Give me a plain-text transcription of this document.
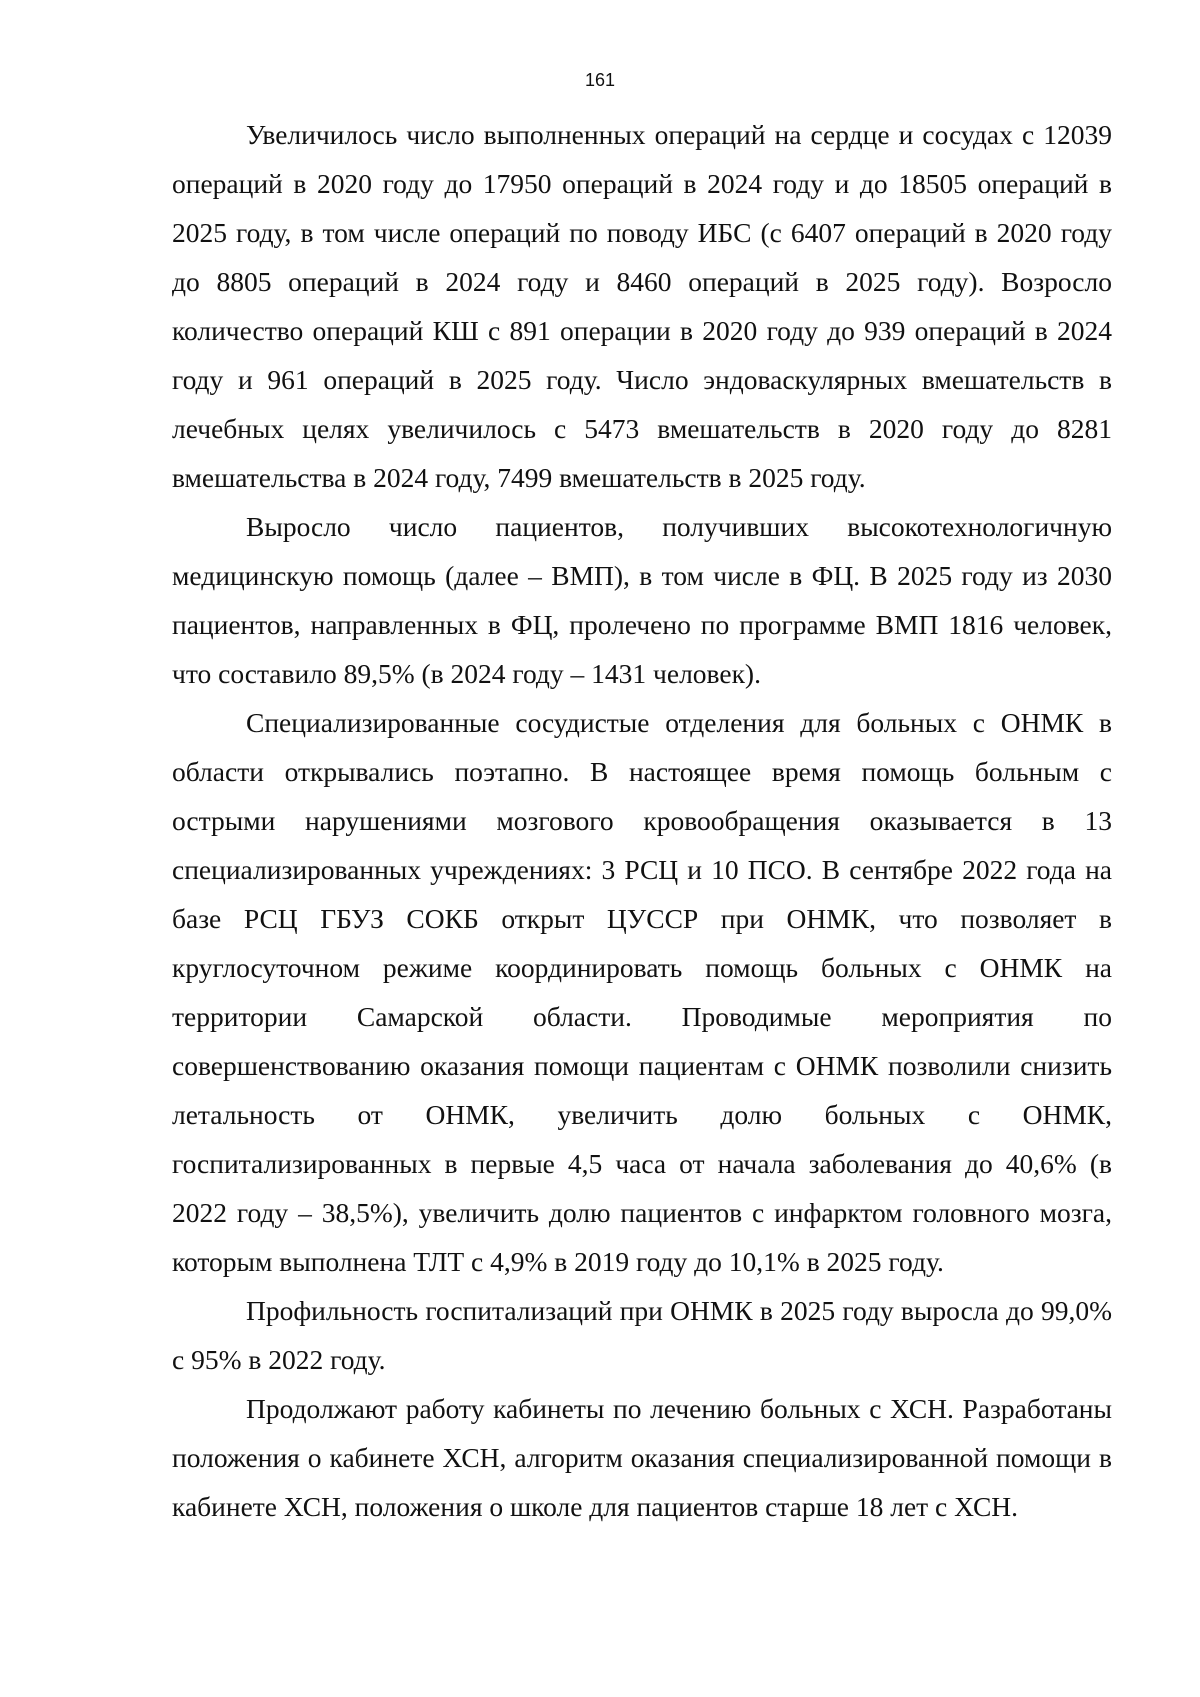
161

Увеличилось число выполненных операций на сердце и сосудах с 12039 операций в 2020 году до 17950 операций в 2024 году и до 18505 операций в 2025 году, в том числе операций по поводу ИБС (с 6407 операций в 2020 году до 8805 операций в 2024 году и 8460 операций в 2025 году). Возросло количество операций КШ с 891 операции в 2020 году до 939 операций в 2024 году и 961 операций в 2025 году. Число эндоваскулярных вмешательств в лечебных целях увеличилось с 5473 вмешательств в 2020 году до 8281 вмешательства в 2024 году, 7499 вмешательств в 2025 году.

Выросло число пациентов, получивших высокотехнологичную медицинскую помощь (далее – ВМП), в том числе в ФЦ. В 2025 году из 2030 пациентов, направленных в ФЦ, пролечено по программе ВМП 1816 человек, что составило 89,5% (в 2024 году – 1431 человек).

Специализированные сосудистые отделения для больных с ОНМК в области открывались поэтапно. В настоящее время помощь больным с острыми нарушениями мозгового кровообращения оказывается в 13 специализированных учреждениях: 3 РСЦ и 10 ПСО. В сентябре 2022 года на базе РСЦ ГБУЗ СОКБ открыт ЦУССР при ОНМК, что позволяет в круглосуточном режиме координировать помощь больных с ОНМК на территории Самарской области. Проводимые мероприятия по совершенствованию оказания помощи пациентам с ОНМК позволили снизить летальность от ОНМК, увеличить долю больных с ОНМК, госпитализированных в первые 4,5 часа от начала заболевания до 40,6% (в 2022 году – 38,5%), увеличить долю пациентов с инфарктом головного мозга, которым выполнена ТЛТ с 4,9% в 2019 году до 10,1% в 2025 году.

Профильность госпитализаций при ОНМК в 2025 году выросла до 99,0% с 95% в 2022 году.

Продолжают работу кабинеты по лечению больных с ХСН. Разработаны положения о кабинете ХСН, алгоритм оказания специализированной помощи в кабинете ХСН, положения о школе для пациентов старше 18 лет с ХСН.
